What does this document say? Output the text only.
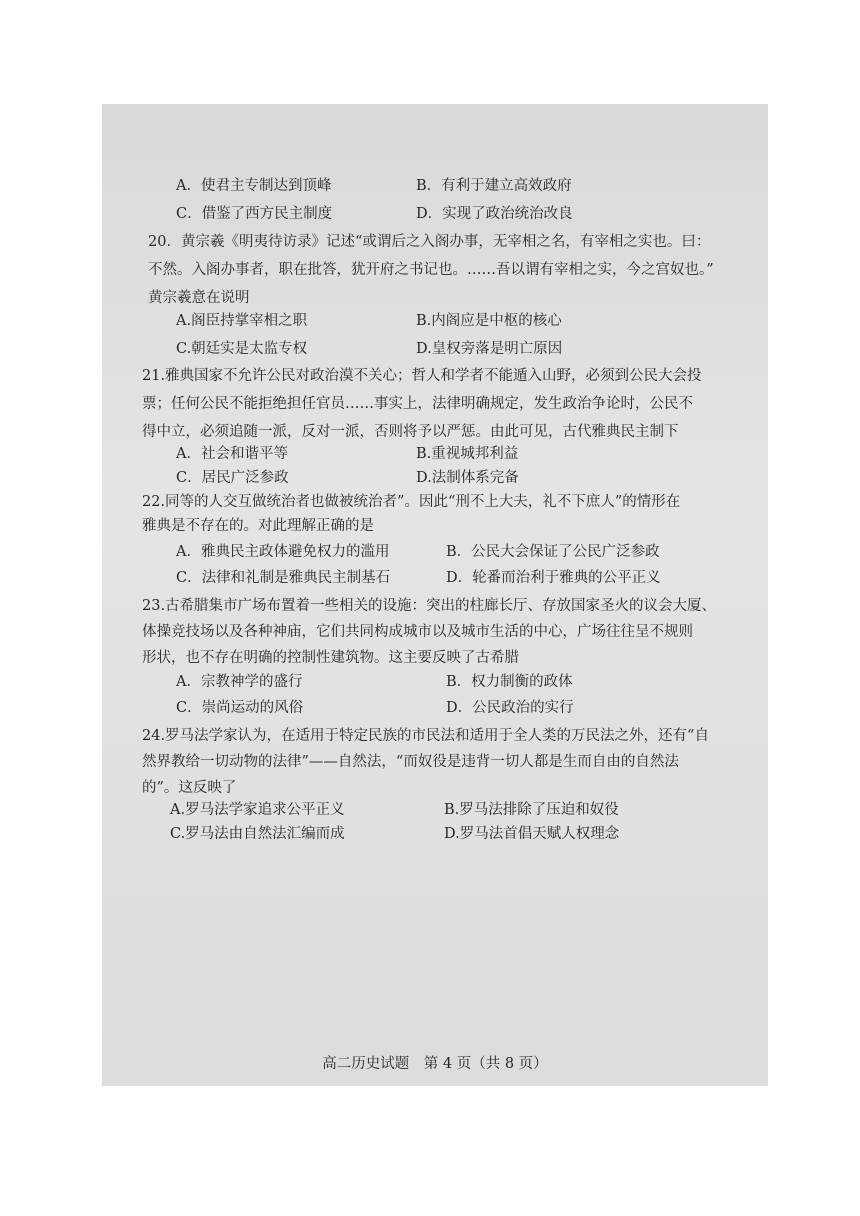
A．使君主专制达到顶峰	B．有利于建立高效政府
C．借鉴了西方民主制度	D．实现了政治统治改良
20．黄宗羲《明夷待访录》记述“或谓后之入阁办事，无宰相之名，有宰相之实也。曰：
不然。入阁办事者，职在批答，犹开府之书记也。……吾以谓有宰相之实，今之宫奴也。”
黄宗羲意在说明
A.阁臣持掌宰相之职	B.内阁应是中枢的核心
C.朝廷实是太监专权	D.皇权旁落是明亡原因
21.雅典国家不允许公民对政治漠不关心；哲人和学者不能遁入山野，必须到公民大会投
票；任何公民不能拒绝担任官员……事实上，法律明确规定，发生政治争论时，公民不
得中立，必须追随一派，反对一派，否则将予以严惩。由此可见，古代雅典民主制下
A．社会和谐平等	B.重视城邦利益
C．居民广泛参政	D.法制体系完备
22.同等的人交互做统治者也做被统治者”。因此“刑不上大夫，礼不下庶人”的情形在
雅典是不存在的。对此理解正确的是
A．雅典民主政体避免权力的滥用	B．公民大会保证了公民广泛参政
C．法律和礼制是雅典民主制基石	D．轮番而治利于雅典的公平正义
23.古希腊集市广场布置着一些相关的设施：突出的柱廊长厅、存放国家圣火的议会大厦、
体操竞技场以及各种神庙，它们共同构成城市以及城市生活的中心，广场往往呈不规则
形状，也不存在明确的控制性建筑物。这主要反映了古希腊
A．宗教神学的盛行	B．权力制衡的政体
C．崇尚运动的风俗	D．公民政治的实行
24.罗马法学家认为，在适用于特定民族的市民法和适用于全人类的万民法之外，还有“自
然界教给一切动物的法律”——自然法，“而奴役是违背一切人都是生而自由的自然法
的”。这反映了
A.罗马法学家追求公平正义	B.罗马法排除了压迫和奴役
C.罗马法由自然法汇编而成	D.罗马法首倡天赋人权理念
高二历史试题　第 4 页（共 8 页）
